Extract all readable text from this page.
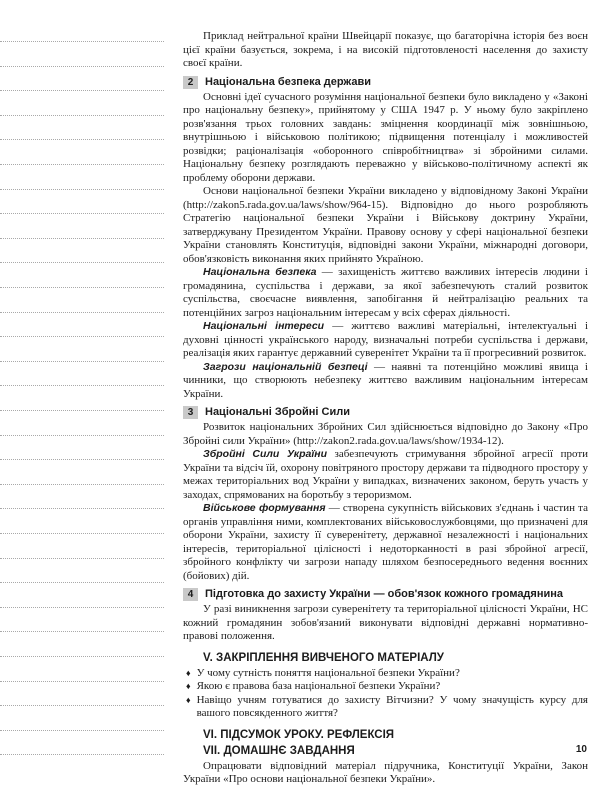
Приклад нейтральної країни Швейцарії показує, що багаторічна історія без воєн цієї країни базується, зокрема, і на високій підготовленості населення до захисту своєї країни.

2	Національна безпека держави

Основні ідеї сучасного розуміння національної безпеки було викладено у «Законі про національну безпеку», прийнятому у США 1947 р. У ньому було закріплено розв'язання трьох головних завдань: зміцнення координації між зовнішньою, внутрішньою і військовою політикою; підвищення потенціалу і можливостей розвідки; раціоналізація «оборонного співробітництва» зі збройними силами. Національну безпеку розглядають переважно у військово-політичному аспекті як проблему оборони держави.

Основи національної безпеки України викладено у відповідному Законі України (http://zakon5.rada.gov.ua/laws/show/964-15). Відповідно до нього розробляють Стратегію національної безпеки України і Військову доктрину України, затверджувану Президентом України. Правову основу у сфері національної безпеки України становлять Конституція, відповідні закони України, міжнародні договори, обов'язковість виконання яких прийнято Україною.

Національна безпека — захищеність життєво важливих інтересів людини і громадянина, суспільства і держави, за якої забезпечують сталий розвиток суспільства, своєчасне виявлення, запобігання й нейтралізацію реальних та потенційних загроз національним інтересам у всіх сферах діяльності.

Національні інтереси — життєво важливі матеріальні, інтелектуальні і духовні цінності українського народу, визначальні потреби суспільства і держави, реалізація яких гарантує державний суверенітет України та її прогресивний розвиток.

Загрози національній безпеці — наявні та потенційно можливі явища і чинники, що створюють небезпеку життєво важливим національним інтересам України.

3	Національні Збройні Сили

Розвиток національних Збройних Сил здійснюється відповідно до Закону «Про Збройні сили України» (http://zakon2.rada.gov.ua/laws/show/1934-12).

Збройні Сили України забезпечують стримування збройної агресії проти України та відсіч їй, охорону повітряного простору держави та підводного простору у межах територіальних вод України у випадках, визначених законом, беруть участь у заходах, спрямованих на боротьбу з тероризмом.

Військове формування — створена сукупність військових з'єднань і частин та органів управління ними, комплектованих військовослужбовцями, що призначені для оборони України, захисту її суверенітету, державної незалежності і національних інтересів, територіальної цілісності і недоторканності в разі збройної агресії, збройного конфлікту чи загрози нападу шляхом безпосереднього ведення воєнних (бойових) дій.

4	Підготовка до захисту України — обов'язок кожного громадянина

У разі виникнення загрози суверенітету та територіальної цілісності України, НС кожний громадянин зобов'язаний виконувати відповідні державні нормативно-правові положення.

V. ЗАКРІПЛЕННЯ ВИВЧЕНОГО МАТЕРІАЛУ
♦ У чому сутність поняття національної безпеки України?
♦ Якою є правова база національної безпеки України?
♦ Навіщо учням готуватися до захисту Вітчизни? У чому значущість курсу для вашого повсякденного життя?
VI. ПІДСУМОК УРОКУ. РЕФЛЕКСІЯ
VII. ДОМАШНЄ ЗАВДАННЯ

Опрацювати відповідний матеріал підручника, Конституції України, Закон України «Про основи національної безпеки України».

10
